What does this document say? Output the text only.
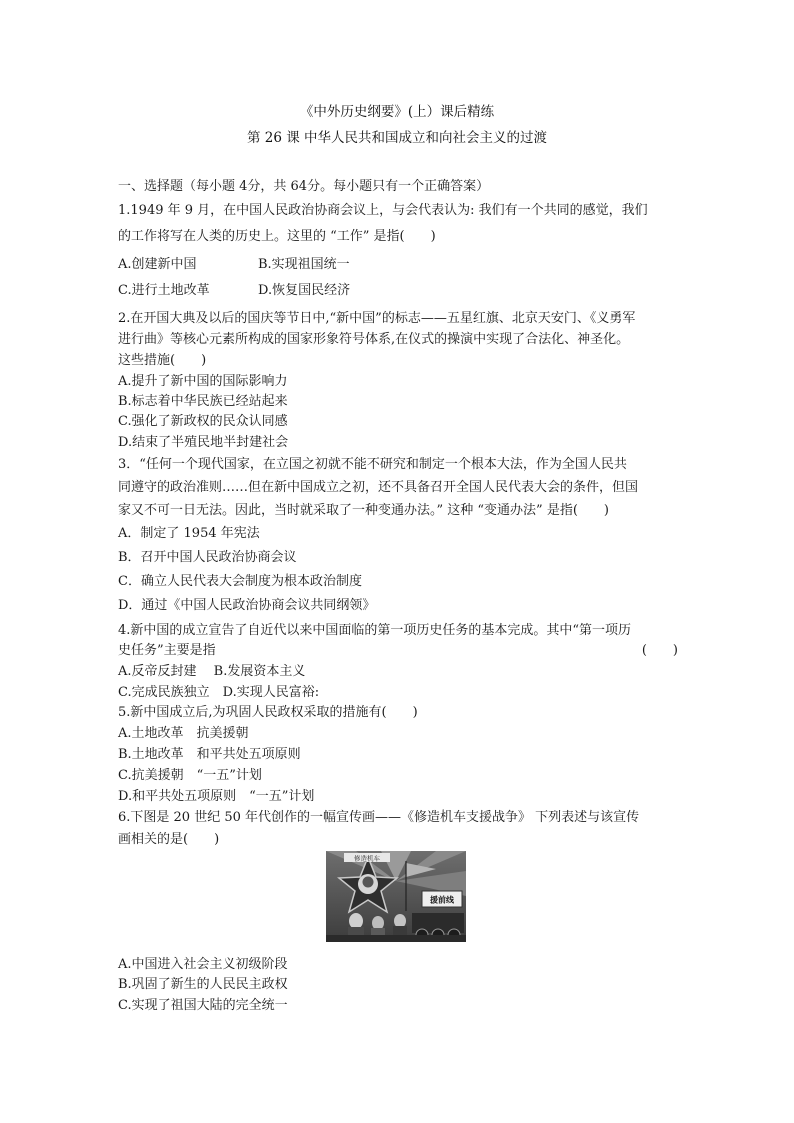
《中外历史纲要》(上）课后精练
第 26 课 中华人民共和国成立和向社会主义的过渡
一、选择题（每小题 4分，共 64分。每小题只有一个正确答案）
1.1949 年 9 月，在中国人民政治协商会议上，与会代表认为: 我们有一个共同的感觉，我们
的工作将写在人类的历史上。这里的 “工作” 是指(　　)
A.创建新中国	B.实现祖国统一
C.进行土地改革	D.恢复国民经济
2.在开国大典及以后的国庆等节日中,“新中国”的标志——五星红旗、北京天安门、《义勇军
进行曲》等核心元素所构成的国家形象符号体系,在仪式的操演中实现了合法化、神圣化。
这些措施(　　)
A.提升了新中国的国际影响力
B.标志着中华民族已经站起来
C.强化了新政权的民众认同感
D.结束了半殖民地半封建社会
3．“任何一个现代国家，在立国之初就不能不研究和制定一个根本大法，作为全国人民共
同遵守的政治准则……但在新中国成立之初，还不具备召开全国人民代表大会的条件，但国
家又不可一日无法。因此，当时就采取了一种变通办法。” 这种 “变通办法” 是指(　　)
A．制定了 1954 年宪法
B．召开中国人民政治协商会议
C．确立人民代表大会制度为根本政治制度
D．通过《中国人民政治协商会议共同纲领》
4.新中国的成立宣告了自近代以来中国面临的第一项历史任务的基本完成。其中“第一项历
史任务”主要是指	(　　)
A.反帝反封建　 B.发展资本主义
C.完成民族独立　D.实现人民富裕:
5.新中国成立后,为巩固人民政权采取的措施有(　　)
A.土地改革　抗美援朝
B.土地改革　和平共处五项原则
C.抗美援朝　“一五”计划
D.和平共处五项原则　“一五”计划
6.下图是 20 世纪 50 年代创作的一幅宣传画——《修造机车支援战争》 下列表述与该宣传
画相关的是(　　)
修造机车
援前线
A.中国进入社会主义初级阶段
B.巩固了新生的人民民主政权
C.实现了祖国大陆的完全统一
